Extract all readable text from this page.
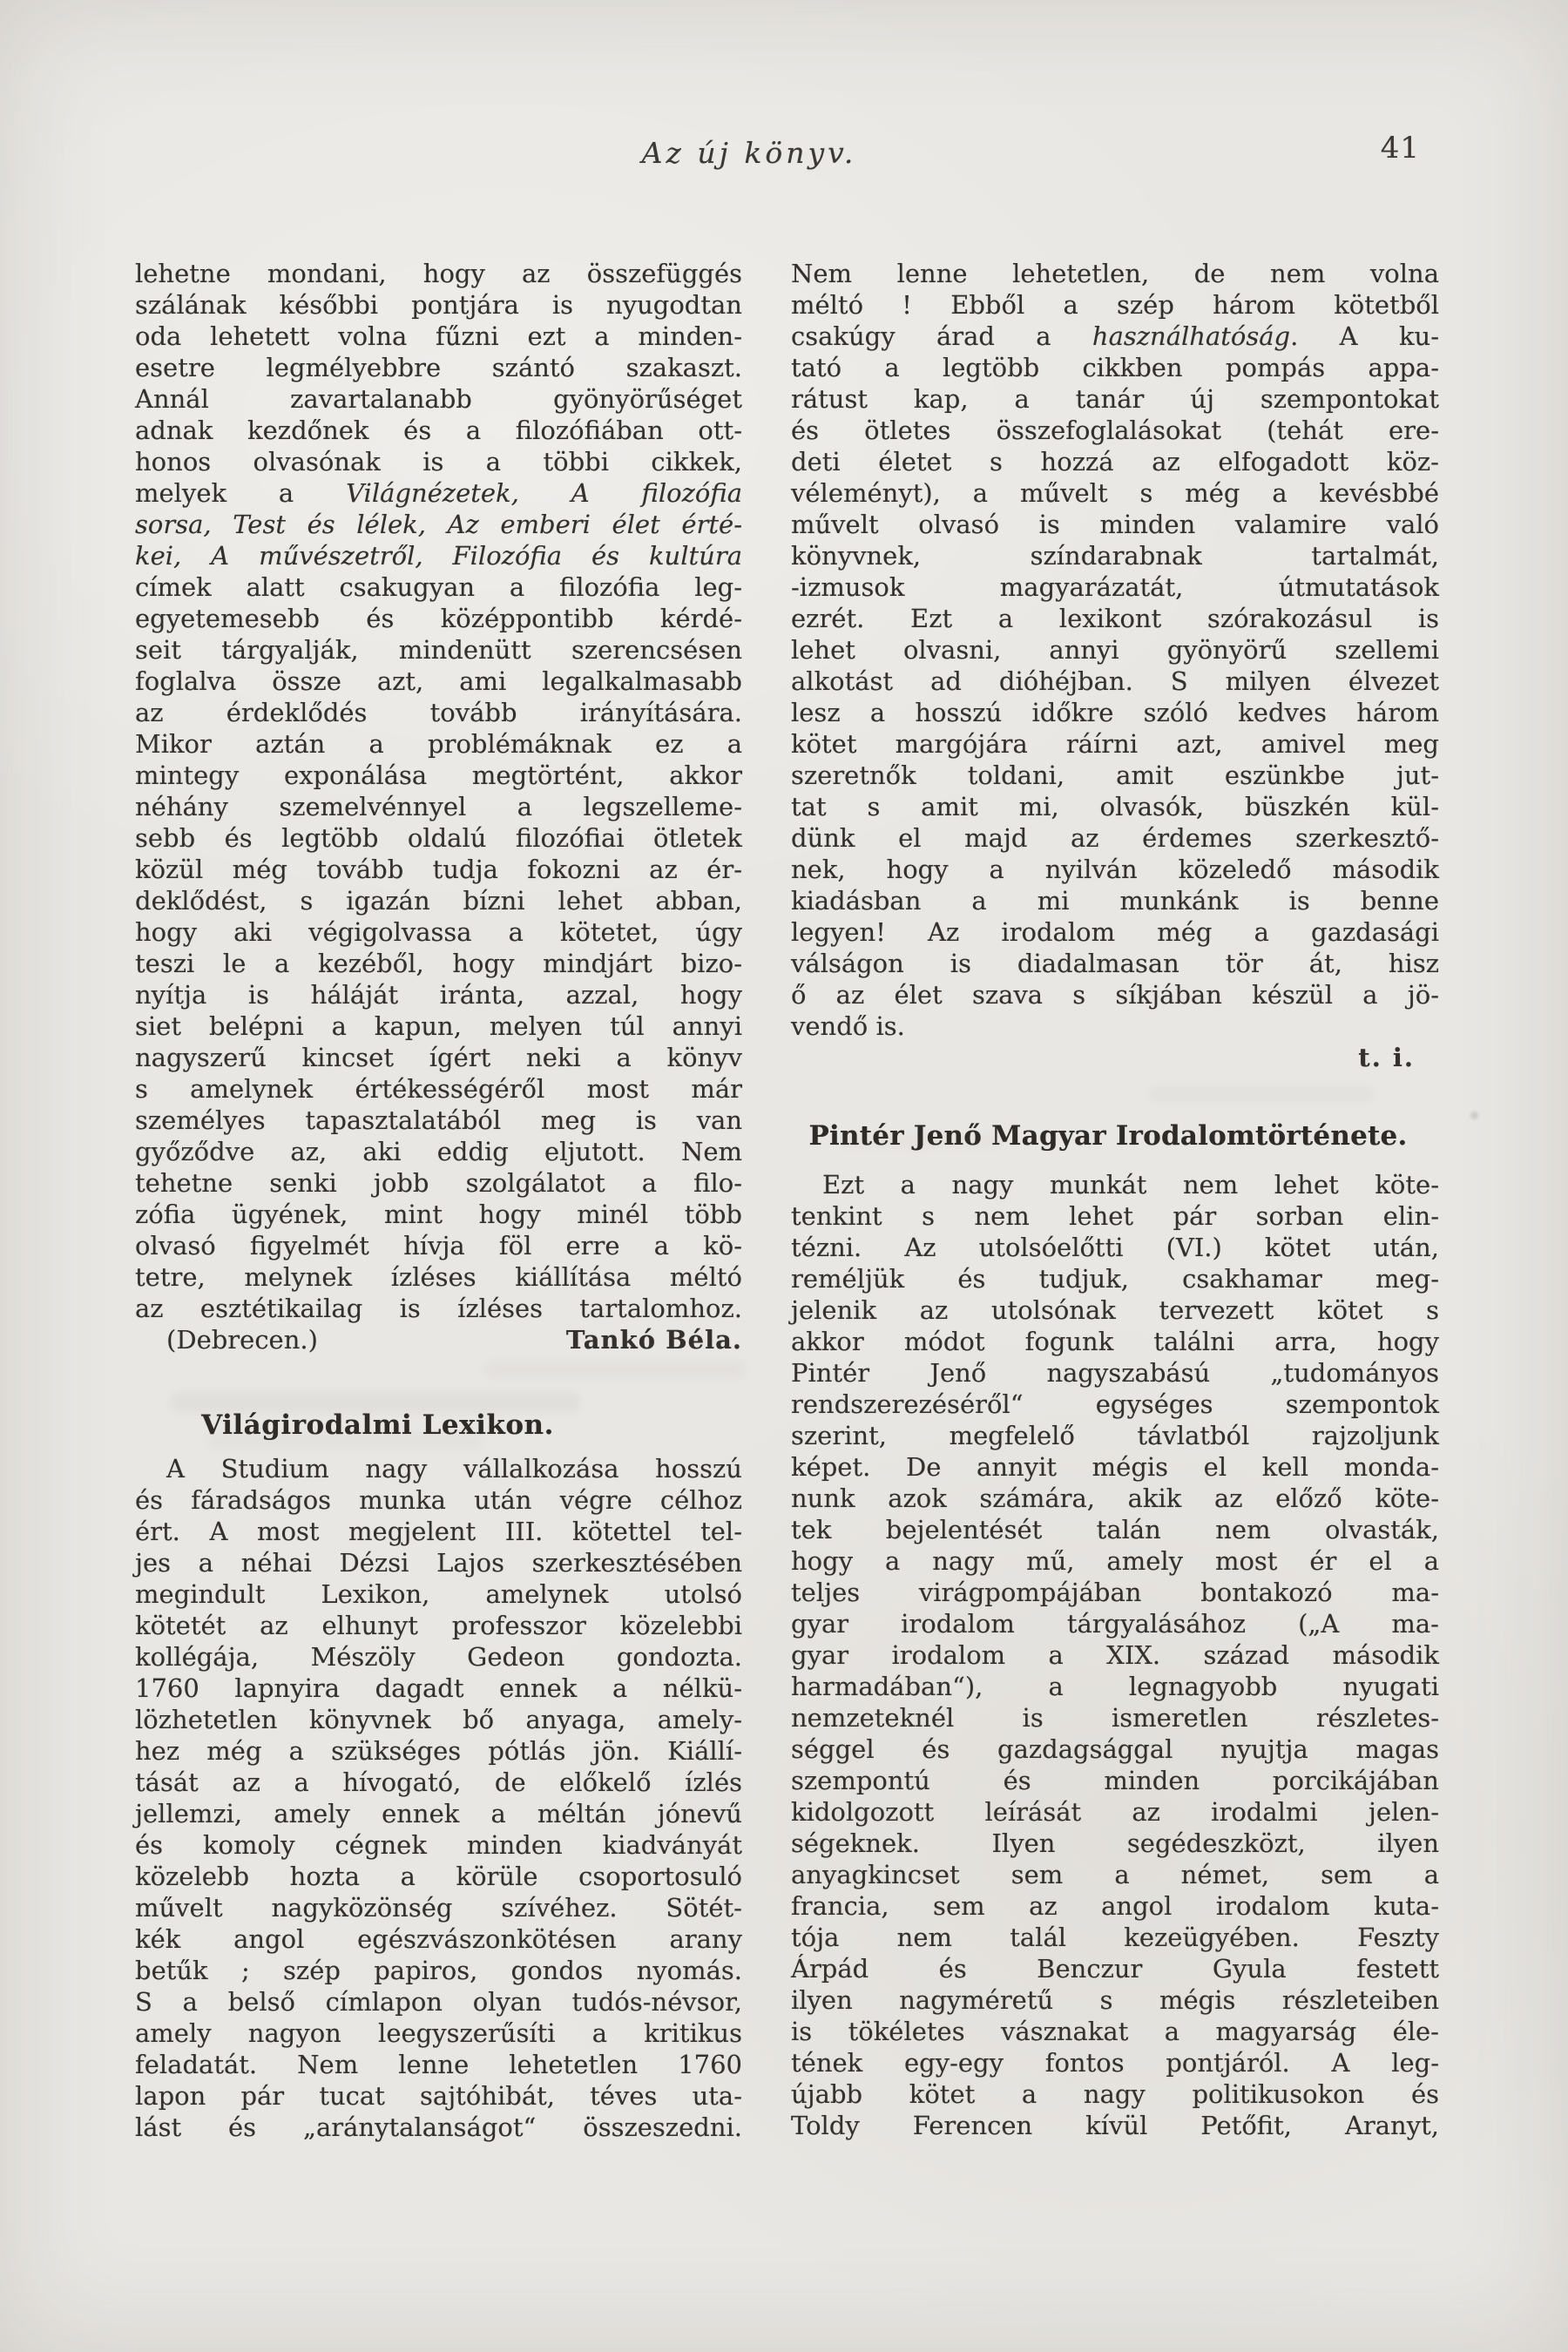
Az új könyv.	41
lehetne mondani, hogy az összefüggés
szálának későbbi pontjára is nyugodtan
oda lehetett volna fűzni ezt a minden-
esetre legmélyebbre szántó szakaszt.
Annál zavartalanabb gyönyörűséget
adnak kezdőnek és a filozófiában ott-
honos olvasónak is a többi cikkek,
melyek a Világnézetek, A filozófia
sorsa, Test és lélek, Az emberi élet érté-
kei, A művészetről, Filozófia és kultúra
címek alatt csakugyan a filozófia leg-
egyetemesebb és középpontibb kérdé-
seit tárgyalják, mindenütt szerencsésen
foglalva össze azt, ami legalkalmasabb
az érdeklődés tovább irányítására.
Mikor aztán a problémáknak ez a
mintegy exponálása megtörtént, akkor
néhány szemelvénnyel a legszelleme-
sebb és legtöbb oldalú filozófiai ötletek
közül még tovább tudja fokozni az ér-
deklődést, s igazán bízni lehet abban,
hogy aki végigolvassa a kötetet, úgy
teszi le a kezéből, hogy mindjárt bizo-
nyítja is háláját iránta, azzal, hogy
siet belépni a kapun, melyen túl annyi
nagyszerű kincset ígért neki a könyv
s amelynek értékességéről most már
személyes tapasztalatából meg is van
győződve az, aki eddig eljutott. Nem
tehetne senki jobb szolgálatot a filo-
zófia ügyének, mint hogy minél több
olvasó figyelmét hívja föl erre a kö-
tetre, melynek ízléses kiállítása méltó
az esztétikailag is ízléses tartalomhoz.
(Debrecen.)	Tankó Béla.
Világirodalmi Lexikon.
A Studium nagy vállalkozása hosszú
és fáradságos munka után végre célhoz
ért. A most megjelent III. kötettel tel-
jes a néhai Dézsi Lajos szerkesztésében
megindult Lexikon, amelynek utolsó
kötetét az elhunyt professzor közelebbi
kollégája, Mészöly Gedeon gondozta.
1760 lapnyira dagadt ennek a nélkü-
lözhetetlen könyvnek bő anyaga, amely-
hez még a szükséges pótlás jön. Kiállí-
tását az a hívogató, de előkelő ízlés
jellemzi, amely ennek a méltán jónevű
és komoly cégnek minden kiadványát
közelebb hozta a körüle csoportosuló
művelt nagyközönség szívéhez. Sötét-
kék angol egészvászonkötésen arany
betűk ; szép papiros, gondos nyomás.
S a belső címlapon olyan tudós-névsor,
amely nagyon leegyszerűsíti a kritikus
feladatát. Nem lenne lehetetlen 1760
lapon pár tucat sajtóhibát, téves uta-
lást és „aránytalanságot“ összeszedni.
Nem lenne lehetetlen, de nem volna
méltó ! Ebből a szép három kötetből
csakúgy árad a használhatóság. A ku-
tató a legtöbb cikkben pompás appa-
rátust kap, a tanár új szempontokat
és ötletes összefoglalásokat (tehát ere-
deti életet s hozzá az elfogadott köz-
véleményt), a művelt s még a kevésbbé
művelt olvasó is minden valamire való
könyvnek, színdarabnak tartalmát,
-izmusok magyarázatát, útmutatások
ezrét. Ezt a lexikont szórakozásul is
lehet olvasni, annyi gyönyörű szellemi
alkotást ad dióhéjban. S milyen élvezet
lesz a hosszú időkre szóló kedves három
kötet margójára ráírni azt, amivel meg
szeretnők toldani, amit eszünkbe jut-
tat s amit mi, olvasók, büszkén kül-
dünk el majd az érdemes szerkesztő-
nek, hogy a nyilván közeledő második
kiadásban a mi munkánk is benne
legyen! Az irodalom még a gazdasági
válságon is diadalmasan tör át, hisz
ő az élet szava s síkjában készül a jö-
vendő is.
t. i.
Pintér Jenő Magyar Irodalomtörténete.
Ezt a nagy munkát nem lehet köte-
tenkint s nem lehet pár sorban elin-
tézni. Az utolsóelőtti (VI.) kötet után,
reméljük és tudjuk, csakhamar meg-
jelenik az utolsónak tervezett kötet s
akkor módot fogunk találni arra, hogy
Pintér Jenő nagyszabású „tudományos
rendszerezéséről“ egységes szempontok
szerint, megfelelő távlatból rajzoljunk
képet. De annyit mégis el kell monda-
nunk azok számára, akik az előző köte-
tek bejelentését talán nem olvasták,
hogy a nagy mű, amely most ér el a
teljes virágpompájában bontakozó ma-
gyar irodalom tárgyalásához („A ma-
gyar irodalom a XIX. század második
harmadában“), a legnagyobb nyugati
nemzeteknél is ismeretlen részletes-
séggel és gazdagsággal nyujtja magas
szempontú és minden porcikájában
kidolgozott leírását az irodalmi jelen-
ségeknek. Ilyen segédeszközt, ilyen
anyagkincset sem a német, sem a
francia, sem az angol irodalom kuta-
tója nem talál kezeügyében. Feszty
Árpád és Benczur Gyula festett
ilyen nagyméretű s mégis részleteiben
is tökéletes vásznakat a magyarság éle-
tének egy-egy fontos pontjáról. A leg-
újabb kötet a nagy politikusokon és
Toldy Ferencen kívül Petőfit, Aranyt,
